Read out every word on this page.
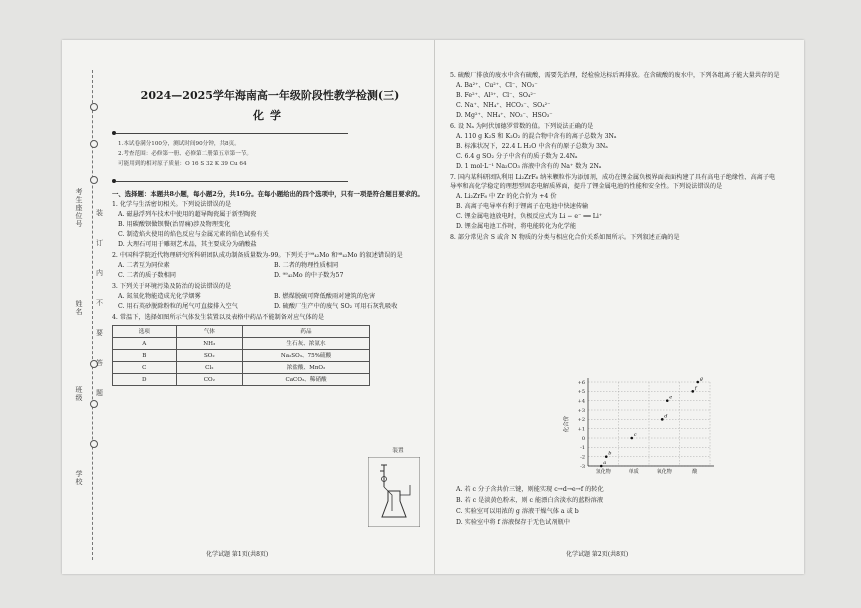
装
订
内
不
要
答
题
考生座位号
姓名
班级
学校
2024—2025学年海南高一年级阶段性教学检测(三)
化学
1.本试卷满分100分，测试时间90分钟，共8页。
2.考查范围：必修第一册、必修第二册第五章第一节。
可能用到的相对原子质量：O 16 S 32 K 39 Cu 64
一、选择题：本题共8小题，每小题2分，共16分。在每小题给出的四个选项中，只有一项是符合题目要求的。
1. 化学与生活密切相关。下列说法错误的是
A. 磁悬浮列车技术中使用的超导陶瓷属于新型陶瓷
B. 用碳酸钡做钡餐(治胃痛)涉及物理变化
C. 制造焰火使用的焰色反应与金属元素的焰色试验有关
D. 大理石可用于雕刻艺术品，其主要成分为硝酸盐
2. 中国科学院近代物理研究所科研团队成功制备质量数为-99。下列关于⁹⁹₄₂Mo 和⁹⁸₄₂Mo 的叙述错误的是
A. 二者互为同位素	B. 二者的物理性质相同
C. 二者的质子数相同	D. ⁹⁹₄₂Mo 的中子数为57
3. 下列关于环境污染及防治的说法错误的是
A. 氮氧化物能造成光化学烟雾	B. 燃煤脱硫可降低酸雨对建筑的危害
C. 用石英砂脱除粉粒的尾气可直接排入空气	D. 硫酸厂生产中的废气 SO₂ 可用石灰乳吸收
4. 常温下，选择如图所示气体发生装置以及表格中药品不能制备对应气体的是
选项	气体	药品
A	NH₃	生石灰、浓氨水
B	SO₂	Na₂SO₃、75%硫酸
C	Cl₂	浓盐酸、MnO₂
D	CO₂	CaCO₃、稀硝酸
装置
化学试题 第1页(共8页)
5. 硫酸厂排放的废水中含有硫酸，需要先治理，经检验达标后再排放。在含硫酸的废水中，下列各组离子能大量共存的是
A. Ba²⁺、Cu²⁺、Cl⁻、NO₃⁻
B. Fe²⁺、Al³⁺、Cl⁻、SO₄²⁻
C. Na⁺、NH₄⁺、HCO₃⁻、SO₄²⁻
D. Mg²⁺、NH₄⁺、NO₃⁻、HSO₃⁻
6. 设 Nₐ 为阿伏加德罗常数的值。下列说法正确的是
A. 110 g K₂S 和 K₂O₂ 的混合物中含有的离子总数为 3Nₐ
B. 标准状况下，22.4 L H₂O 中含有的原子总数为 3Nₐ
C. 6.4 g SO₂ 分子中含有的质子数为 2.4Nₐ
D. 1 mol·L⁻¹ Na₂CO₃ 溶液中含有的 Na⁺ 数为 2Nₐ
7. 国内某科研团队利用 Li₂ZrF₆ 纳米颗粒作为添加剂，成功在锂金属负极界面表面构建了具有高电子绝缘性、高离子电导率和高化学稳定的理想型固态电解质界面，提升了锂金属电池的性能和安全性。下列说法错误的是
A. Li₂ZrF₆ 中 Zr 的化合价为 +4 价
B. 高离子电导率有利于锂离子在电池中快速传输
C. 锂金属电池放电时，负极反应式为 Li − e⁻ ══ Li⁺
D. 锂金属电池工作时，将电能转化为化学能
8. 部分常见含 S 或含 N 物质的分类与相应化合价关系如图所示。下列叙述正确的是
+6
+5
+4
+3
+2
+1
0
-1
-2
-3
氢化物	单质	氧化物	酸
化合价
a
b
c
d
e
f
g
A. 若 c 分子含共价三键，则能实现 c→d→e→f 的转化
B. 若 c 是淡黄色粉末，则 c 能漂白含淡水的蓝粉溶液
C. 实验室可以用浓的 g 溶液干燥气体 a 或 b
D. 实验室中将 f 溶液保存于无色试剂瓶中
化学试题 第2页(共8页)
